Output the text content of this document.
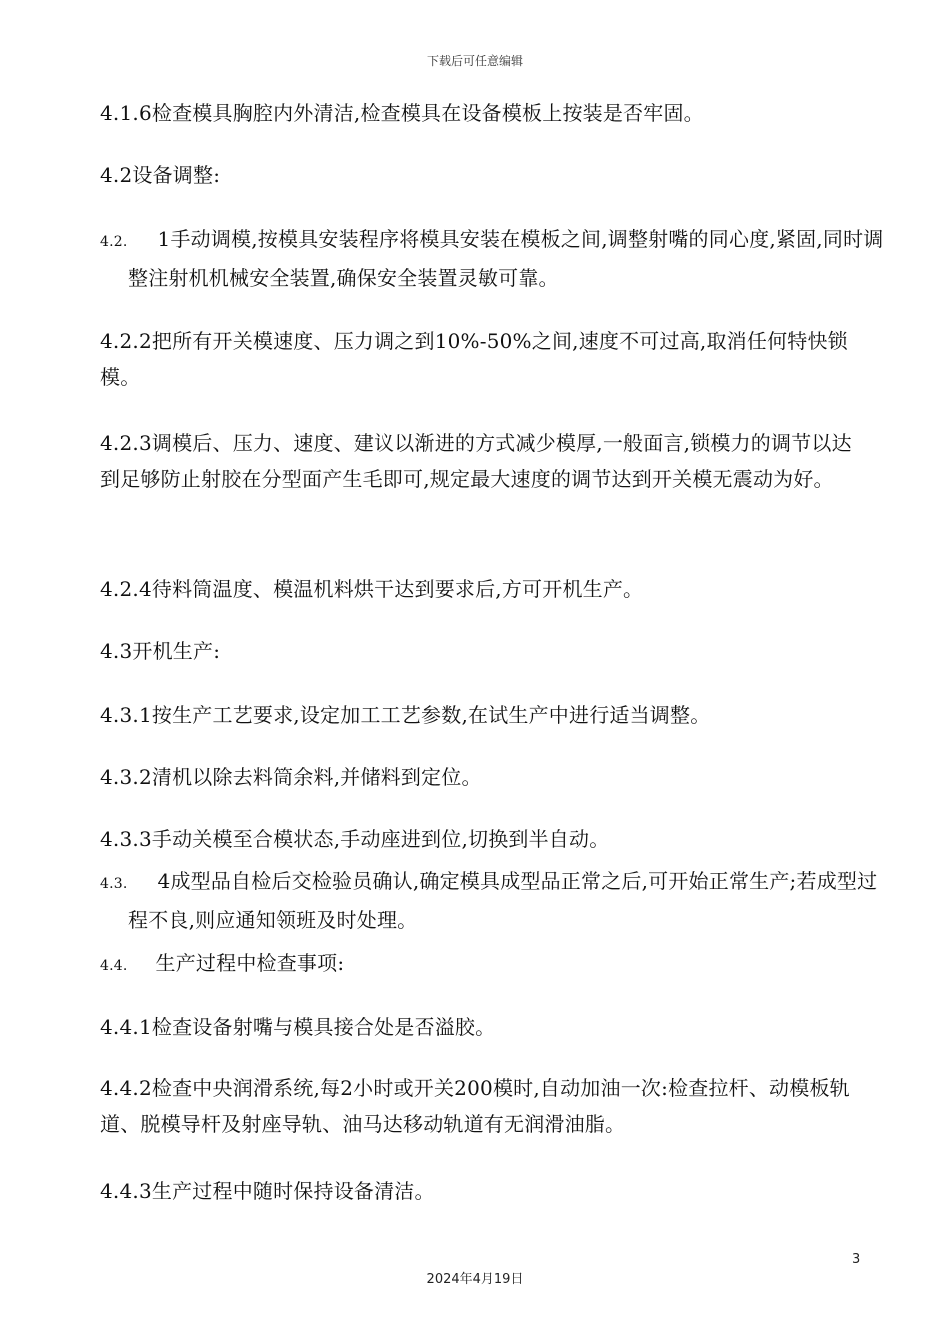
下载后可任意编辑

4.1.6检查模具胸腔内外清洁,检查模具在设备模板上按装是否牢固。

4.2设备调整:

4.2. 1手动调模,按模具安装程序将模具安装在模板之间,调整射嘴的同心度,紧固,同时调整注射机机械安全装置,确保安全装置灵敏可靠。

4.2.2把所有开关模速度、压力调之到10%-50%之间,速度不可过高,取消任何特快锁模。

4.2.3调模后、压力、速度、建议以渐进的方式减少模厚,一般面言,锁模力的调节以达到足够防止射胶在分型面产生毛即可,规定最大速度的调节达到开关模无震动为好。

4.2.4待料筒温度、模温机料烘干达到要求后,方可开机生产。

4.3开机生产:

4.3.1按生产工艺要求,设定加工工艺参数,在试生产中进行适当调整。

4.3.2清机以除去料筒余料,并储料到定位。

4.3.3手动关模至合模状态,手动座进到位,切换到半自动。

4.3. 4成型品自检后交检验员确认,确定模具成型品正常之后,可开始正常生产;若成型过程不良,则应通知领班及时处理。

4.4. 生产过程中检查事项:

4.4.1检查设备射嘴与模具接合处是否溢胶。

4.4.2检查中央润滑系统,每2小时或开关200模时,自动加油一次:检查拉杆、动模板轨道、脱模导杆及射座导轨、油马达移动轨道有无润滑油脂。

4.4.3生产过程中随时保持设备清洁。

3
2024年4月19日
